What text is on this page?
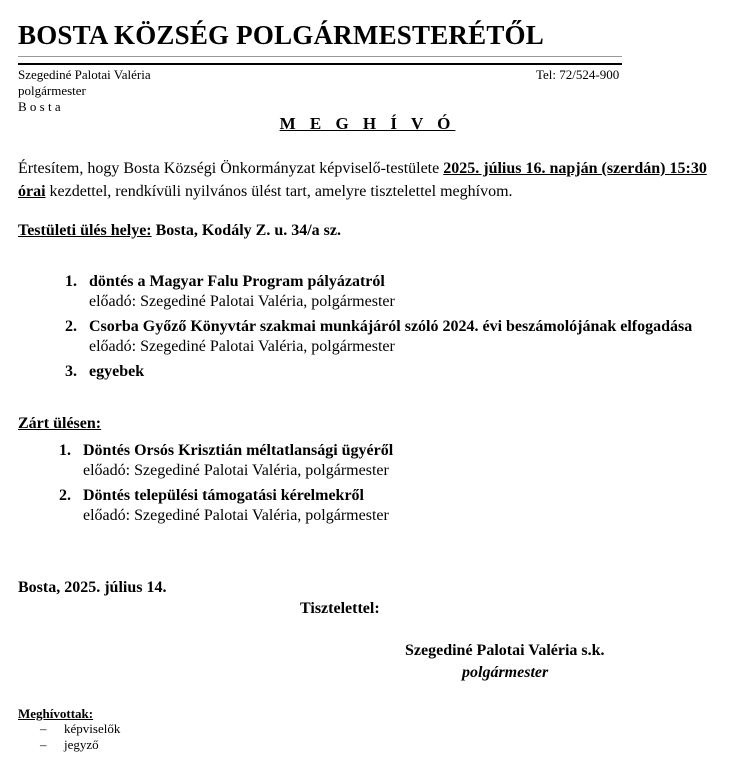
BOSTA KÖZSÉG POLGÁRMESTERÉTŐL
Szegediné Palotai Valéria
polgármester
B o s t a
Tel: 72/524-900
M E G H Í V Ó
Értesítem, hogy Bosta Községi Önkormányzat képviselő-testülete 2025. július 16. napján (szerdán) 15:30
órai kezdettel, rendkívüli nyilvános ülést tart, amelyre tisztelettel meghívom.
Testületi ülés helye: Bosta, Kodály Z. u. 34/a sz.
1. döntés a Magyar Falu Program pályázatról
előadó: Szegediné Palotai Valéria, polgármester
2. Csorba Győző Könyvtár szakmai munkájáról szóló 2024. évi beszámolójának elfogadása
előadó: Szegediné Palotai Valéria, polgármester
3. egyebek
Zárt ülésen:
1. Döntés Orsós Krisztián méltatlansági ügyéről
előadó: Szegediné Palotai Valéria, polgármester
2. Döntés települési támogatási kérelmekről
előadó: Szegediné Palotai Valéria, polgármester
Bosta, 2025. július 14.
Tisztelettel:
Szegediné Palotai Valéria s.k.
polgármester
Meghívottak:
– képviselők
– jegyző
